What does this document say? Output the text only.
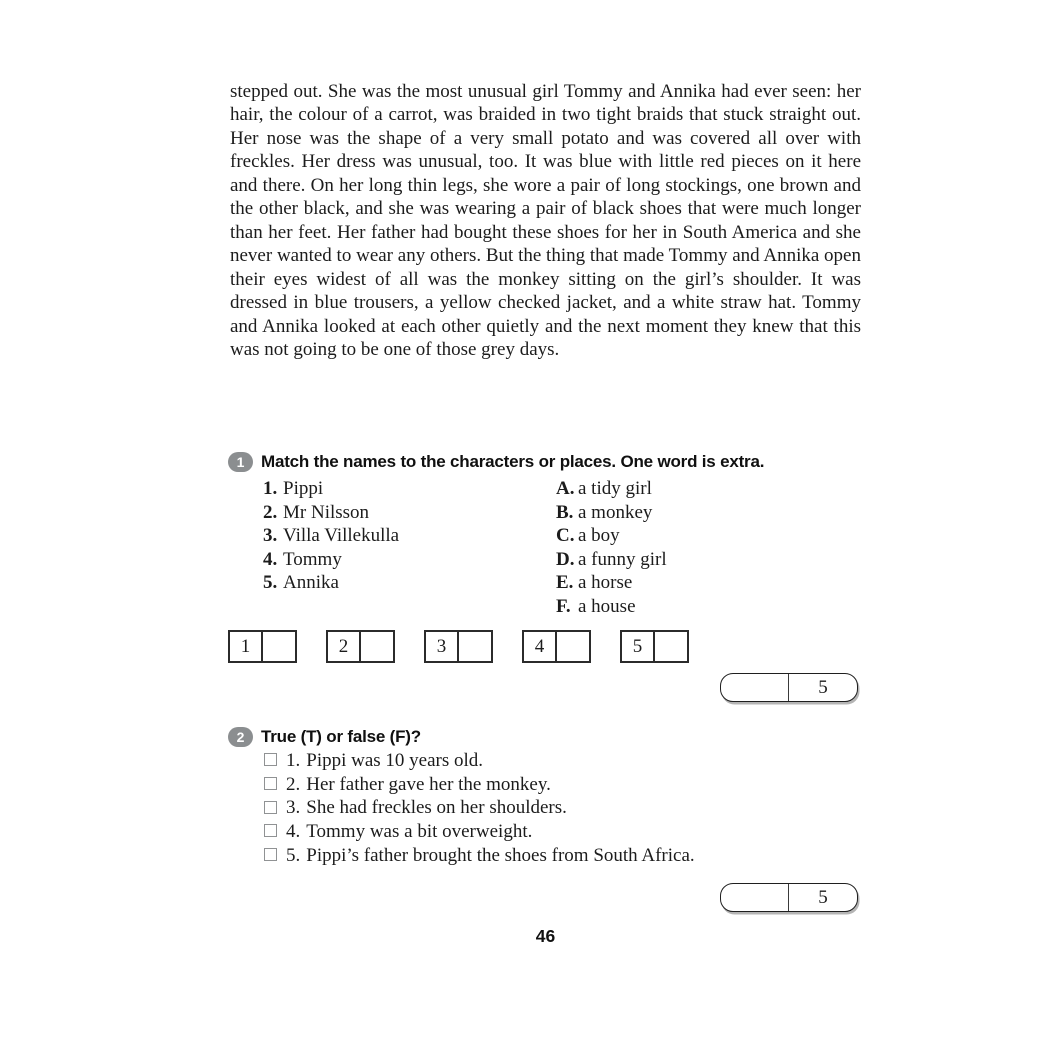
stepped out. She was the most unusual girl Tommy and Annika had ever seen: her hair, the colour of a carrot, was braided in two tight braids that stuck straight out. Her nose was the shape of a very small potato and was covered all over with freckles. Her dress was unusual, too. It was blue with little red pieces on it here and there. On her long thin legs, she wore a pair of long stockings, one brown and the other black, and she was wearing a pair of black shoes that were much longer than her feet. Her father had bought these shoes for her in South America and she never wanted to wear any others. But the thing that made Tommy and Annika open their eyes widest of all was the monkey sitting on the girl’s shoulder. It was dressed in blue trousers, a yellow checked jacket, and a white straw hat. Tommy and Annika looked at each other quietly and the next moment they knew that this was not going to be one of those grey days.

1 Match the names to the characters or places. One word is extra.
1. Pippi
2. Mr Nilsson
3. Villa Villekulla
4. Tommy
5. Annika
A. a tidy girl
B. a monkey
C. a boy
D. a funny girl
E. a horse
F. a house
1	2	3	4	5
5
2 True (T) or false (F)?
1. Pippi was 10 years old.
2. Her father gave her the monkey.
3. She had freckles on her shoulders.
4. Tommy was a bit overweight.
5. Pippi’s father brought the shoes from South Africa.
5
46
